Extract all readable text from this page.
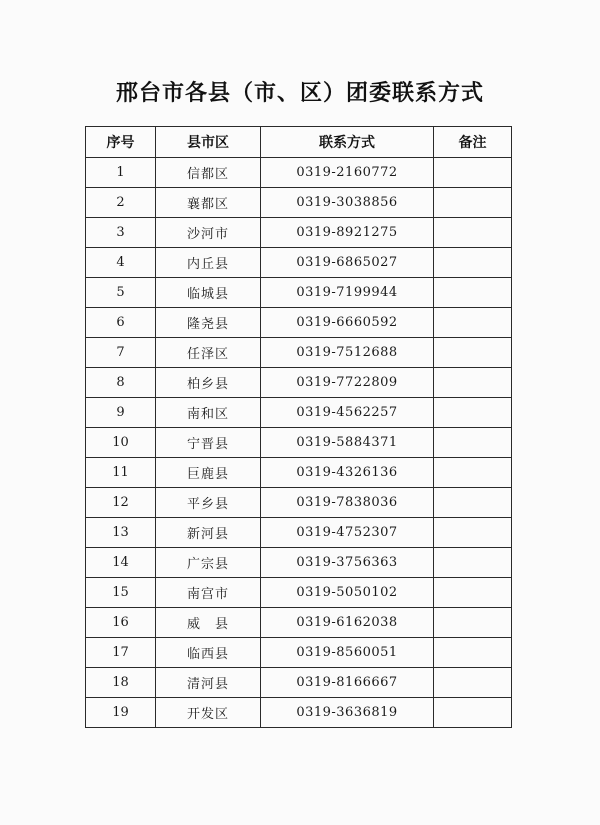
邢台市各县（市、区）团委联系方式
序号	县市区	联系方式	备注
1	信都区	0319-2160772	
2	襄都区	0319-3038856	
3	沙河市	0319-8921275	
4	内丘县	0319-6865027	
5	临城县	0319-7199944	
6	隆尧县	0319-6660592	
7	任泽区	0319-7512688	
8	柏乡县	0319-7722809	
9	南和区	0319-4562257	
10	宁晋县	0319-5884371	
11	巨鹿县	0319-4326136	
12	平乡县	0319-7838036	
13	新河县	0319-4752307	
14	广宗县	0319-3756363	
15	南宫市	0319-5050102	
16	威　县	0319-6162038	
17	临西县	0319-8560051	
18	清河县	0319-8166667	
19	开发区	0319-3636819	
